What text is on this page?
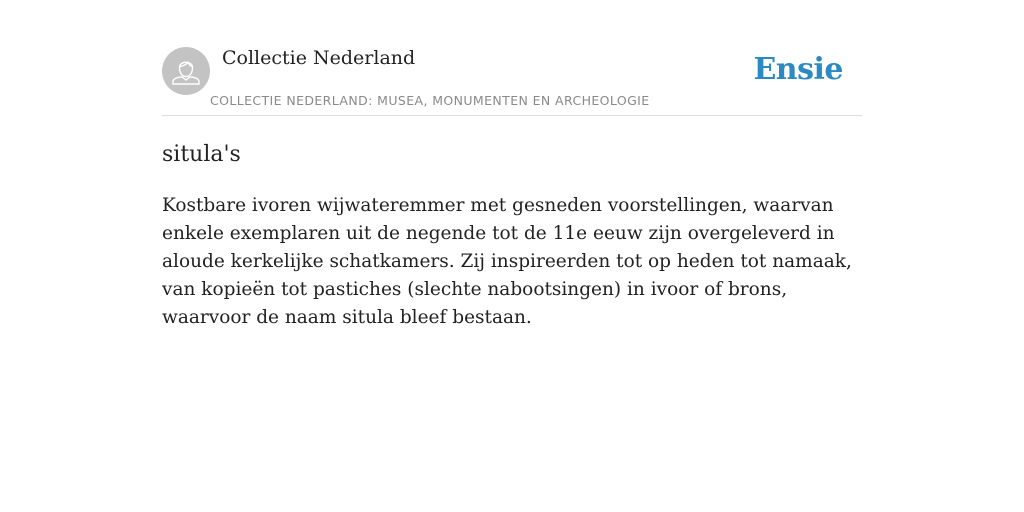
Collectie Nederland
COLLECTIE NEDERLAND: MUSEA, MONUMENTEN EN ARCHEOLOGIE
Ensie
situla's

Kostbare ivoren wijwateremmer met gesneden voorstellingen, waarvan enkele exemplaren uit de negende tot de 11e eeuw zijn overgeleverd in aloude kerkelijke schatkamers. Zij inspireerden tot op heden tot namaak, van kopieën tot pastiches (slechte nabootsingen) in ivoor of brons, waarvoor de naam situla bleef bestaan.
